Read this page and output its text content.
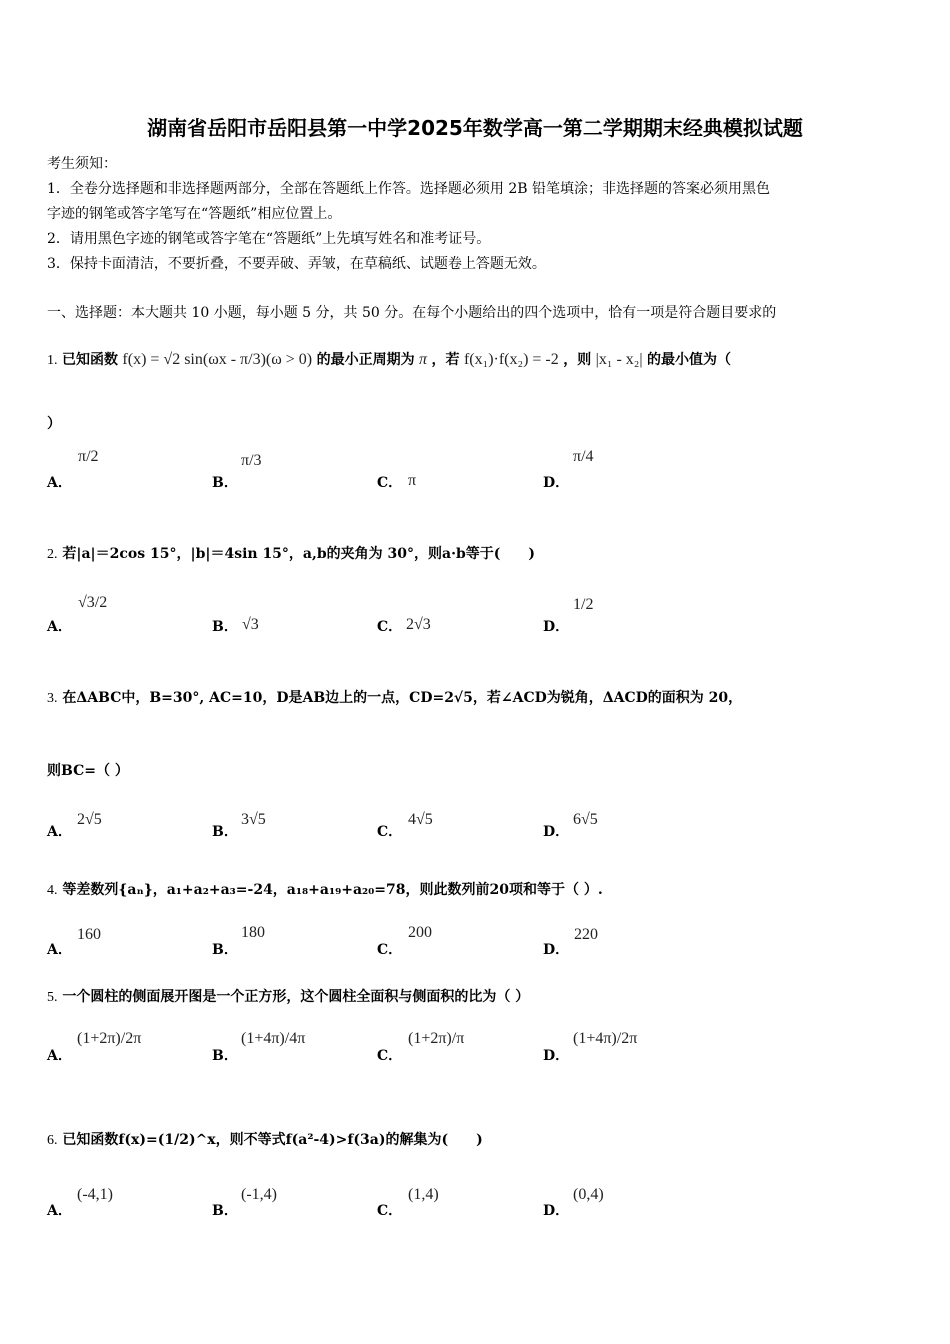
湖南省岳阳市岳阳县第一中学2025年数学高一第二学期期末经典模拟试题
考生须知：
1．全卷分选择题和非选择题两部分，全部在答题纸上作答。选择题必须用 2B 铅笔填涂；非选择题的答案必须用黑色
字迹的钢笔或答字笔写在“答题纸”相应位置上。
2．请用黑色字迹的钢笔或答字笔在“答题纸”上先填写姓名和准考证号。
3．保持卡面清洁，不要折叠，不要弄破、弄皱，在草稿纸、试题卷上答题无效。
一、选择题：本大题共 10 小题，每小题 5 分，共 50 分。在每个小题给出的四个选项中，恰有一项是符合题目要求的
1. 已知函数 f(x) = √2 sin(ωx - π/3)(ω > 0) 的最小正周期为 π ，若 f(x₁)·f(x₂) = -2 ，则 |x₁ - x₂| 的最小值为（
）
A．
π/2
B．
π/3
C． π	D．
π/4
2. 若|a|＝2cos 15°，|b|＝4sin 15°，a,b的夹角为 30°，则a·b等于(　　)
A．
√3/2
B． √3	C． 2√3	D．
1/2
3. 在ΔABC中，B=30°, AC=10，D是AB边上的一点，CD=2√5，若∠ACD为锐角，ΔACD的面积为 20，
则BC=（ ）
A．
2√5
B．
3√5
C．
4√5
D．
6√5
4. 等差数列{aₙ}，a₁+a₂+a₃=-24，a₁₈+a₁₉+a₂₀=78，则此数列前20项和等于（ ）.
A．
160
B．
180
C．
200
D．
220
5. 一个圆柱的侧面展开图是一个正方形，这个圆柱全面积与侧面积的比为（ ）
A．
(1+2π)/2π
B．
(1+4π)/4π
C．
(1+2π)/π
D．
(1+4π)/2π
6. 已知函数f(x)=(1/2)^x，则不等式f(a²-4)>f(3a)的解集为(　　)
A．
(-4,1)
B．
(-1,4)
C．
(1,4)
D．
(0,4)
